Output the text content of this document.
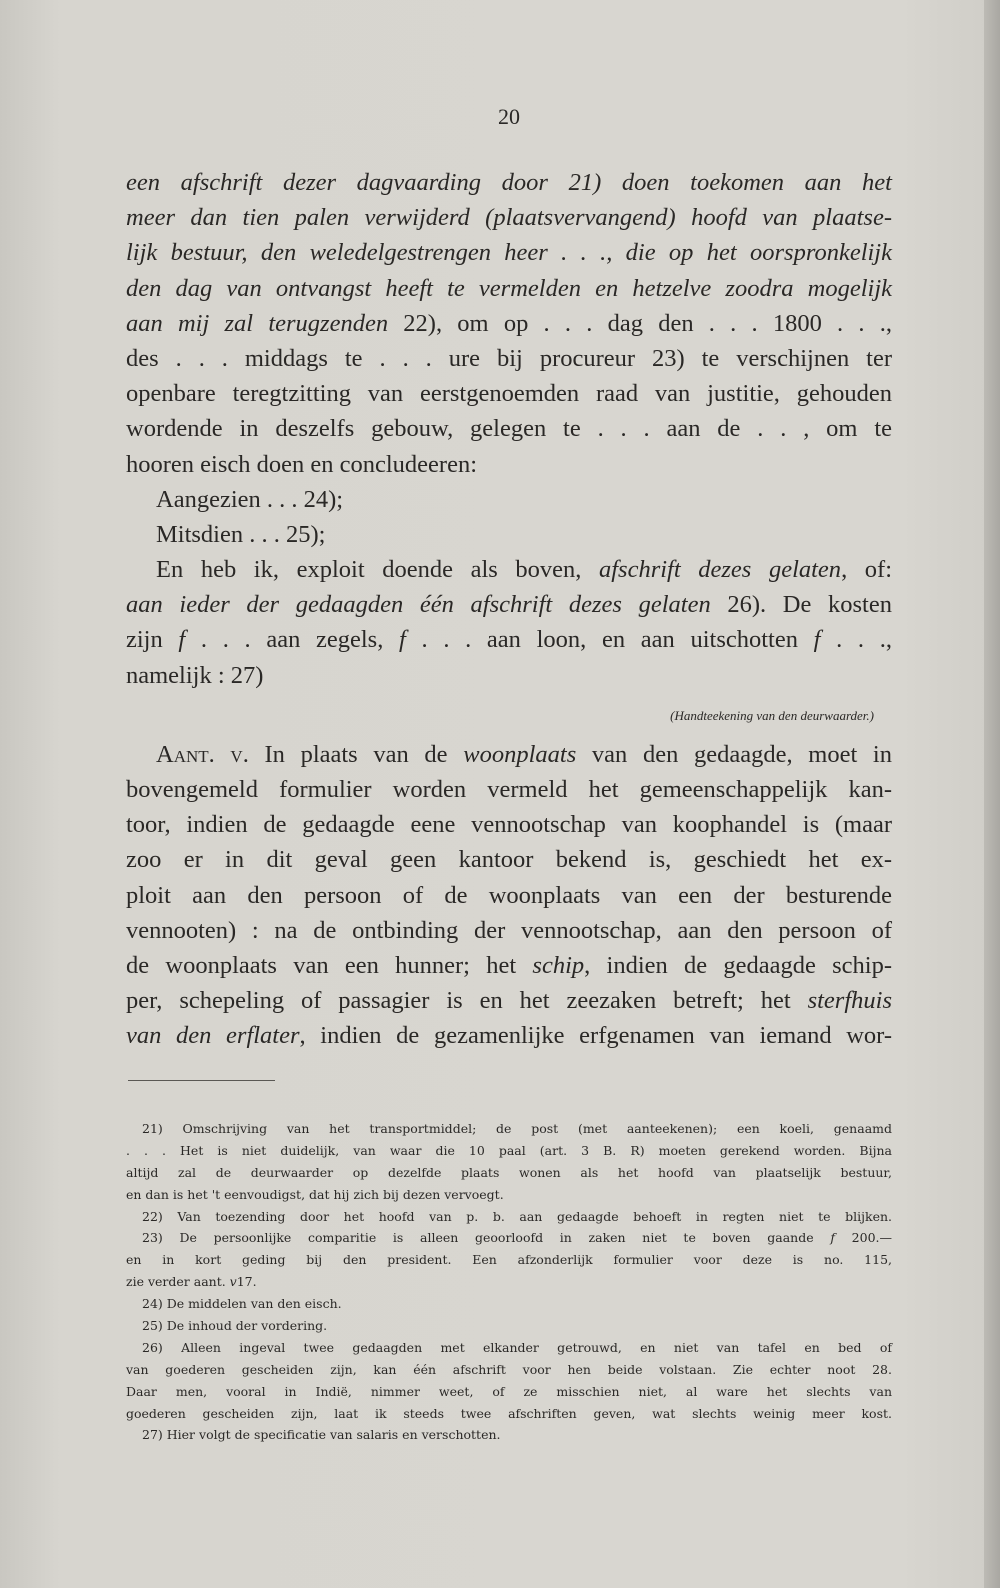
20
een afschrift dezer dagvaarding door 21) doen toekomen aan het
meer dan tien palen verwijderd (plaatsvervangend) hoofd van plaatse-
lijk bestuur, den weledelgestrengen heer . . ., die op het oorspronkelijk
den dag van ontvangst heeft te vermelden en hetzelve zoodra mogelijk
aan mij zal terugzenden 22), om op . . . dag den . . . 1800 . . .,
des . . . middags te . . . ure bij procureur 23) te verschijnen ter
openbare teregtzitting van eerstgenoemden raad van justitie, gehouden
wordende in deszelfs gebouw, gelegen te . . . aan de . . , om te
hooren eisch doen en concludeeren:
Aangezien . . . 24);
Mitsdien . . . 25);
En heb ik, exploit doende als boven, afschrift dezes gelaten, of:
aan ieder der gedaagden één afschrift dezes gelaten 26). De kosten
zijn f . . . aan zegels, f . . . aan loon, en aan uitschotten f . . .,
namelijk : 27)
(Handteekening van den deurwaarder.)
Aant. v. In plaats van de woonplaats van den gedaagde, moet in
bovengemeld formulier worden vermeld het gemeenschappelijk kan-
toor, indien de gedaagde eene vennootschap van koophandel is (maar
zoo er in dit geval geen kantoor bekend is, geschiedt het ex-
ploit aan den persoon of de woonplaats van een der besturende
vennooten) : na de ontbinding der vennootschap, aan den persoon of
de woonplaats van een hunner; het schip, indien de gedaagde schip-
per, schepeling of passagier is en het zeezaken betreft; het sterfhuis
van den erflater, indien de gezamenlijke erfgenamen van iemand wor-
21) Omschrijving van het transportmiddel; de post (met aanteekenen); een koeli, genaamd
. . . Het is niet duidelijk, van waar die 10 paal (art. 3 B. R) moeten gerekend worden. Bijna
altijd zal de deurwaarder op dezelfde plaats wonen als het hoofd van plaatselijk bestuur,
en dan is het 't eenvoudigst, dat hij zich bij dezen vervoegt.
22) Van toezending door het hoofd van p. b. aan gedaagde behoeft in regten niet te blijken.
23) De persoonlijke comparitie is alleen geoorloofd in zaken niet te boven gaande f 200.—
en in kort geding bij den president. Een afzonderlijk formulier voor deze is no. 115,
zie verder aant. v17.
24) De middelen van den eisch.
25) De inhoud der vordering.
26) Alleen ingeval twee gedaagden met elkander getrouwd, en niet van tafel en bed of
van goederen gescheiden zijn, kan één afschrift voor hen beide volstaan. Zie echter noot 28.
Daar men, vooral in Indië, nimmer weet, of ze misschien niet, al ware het slechts van
goederen gescheiden zijn, laat ik steeds twee afschriften geven, wat slechts weinig meer kost.
27) Hier volgt de specificatie van salaris en verschotten.
